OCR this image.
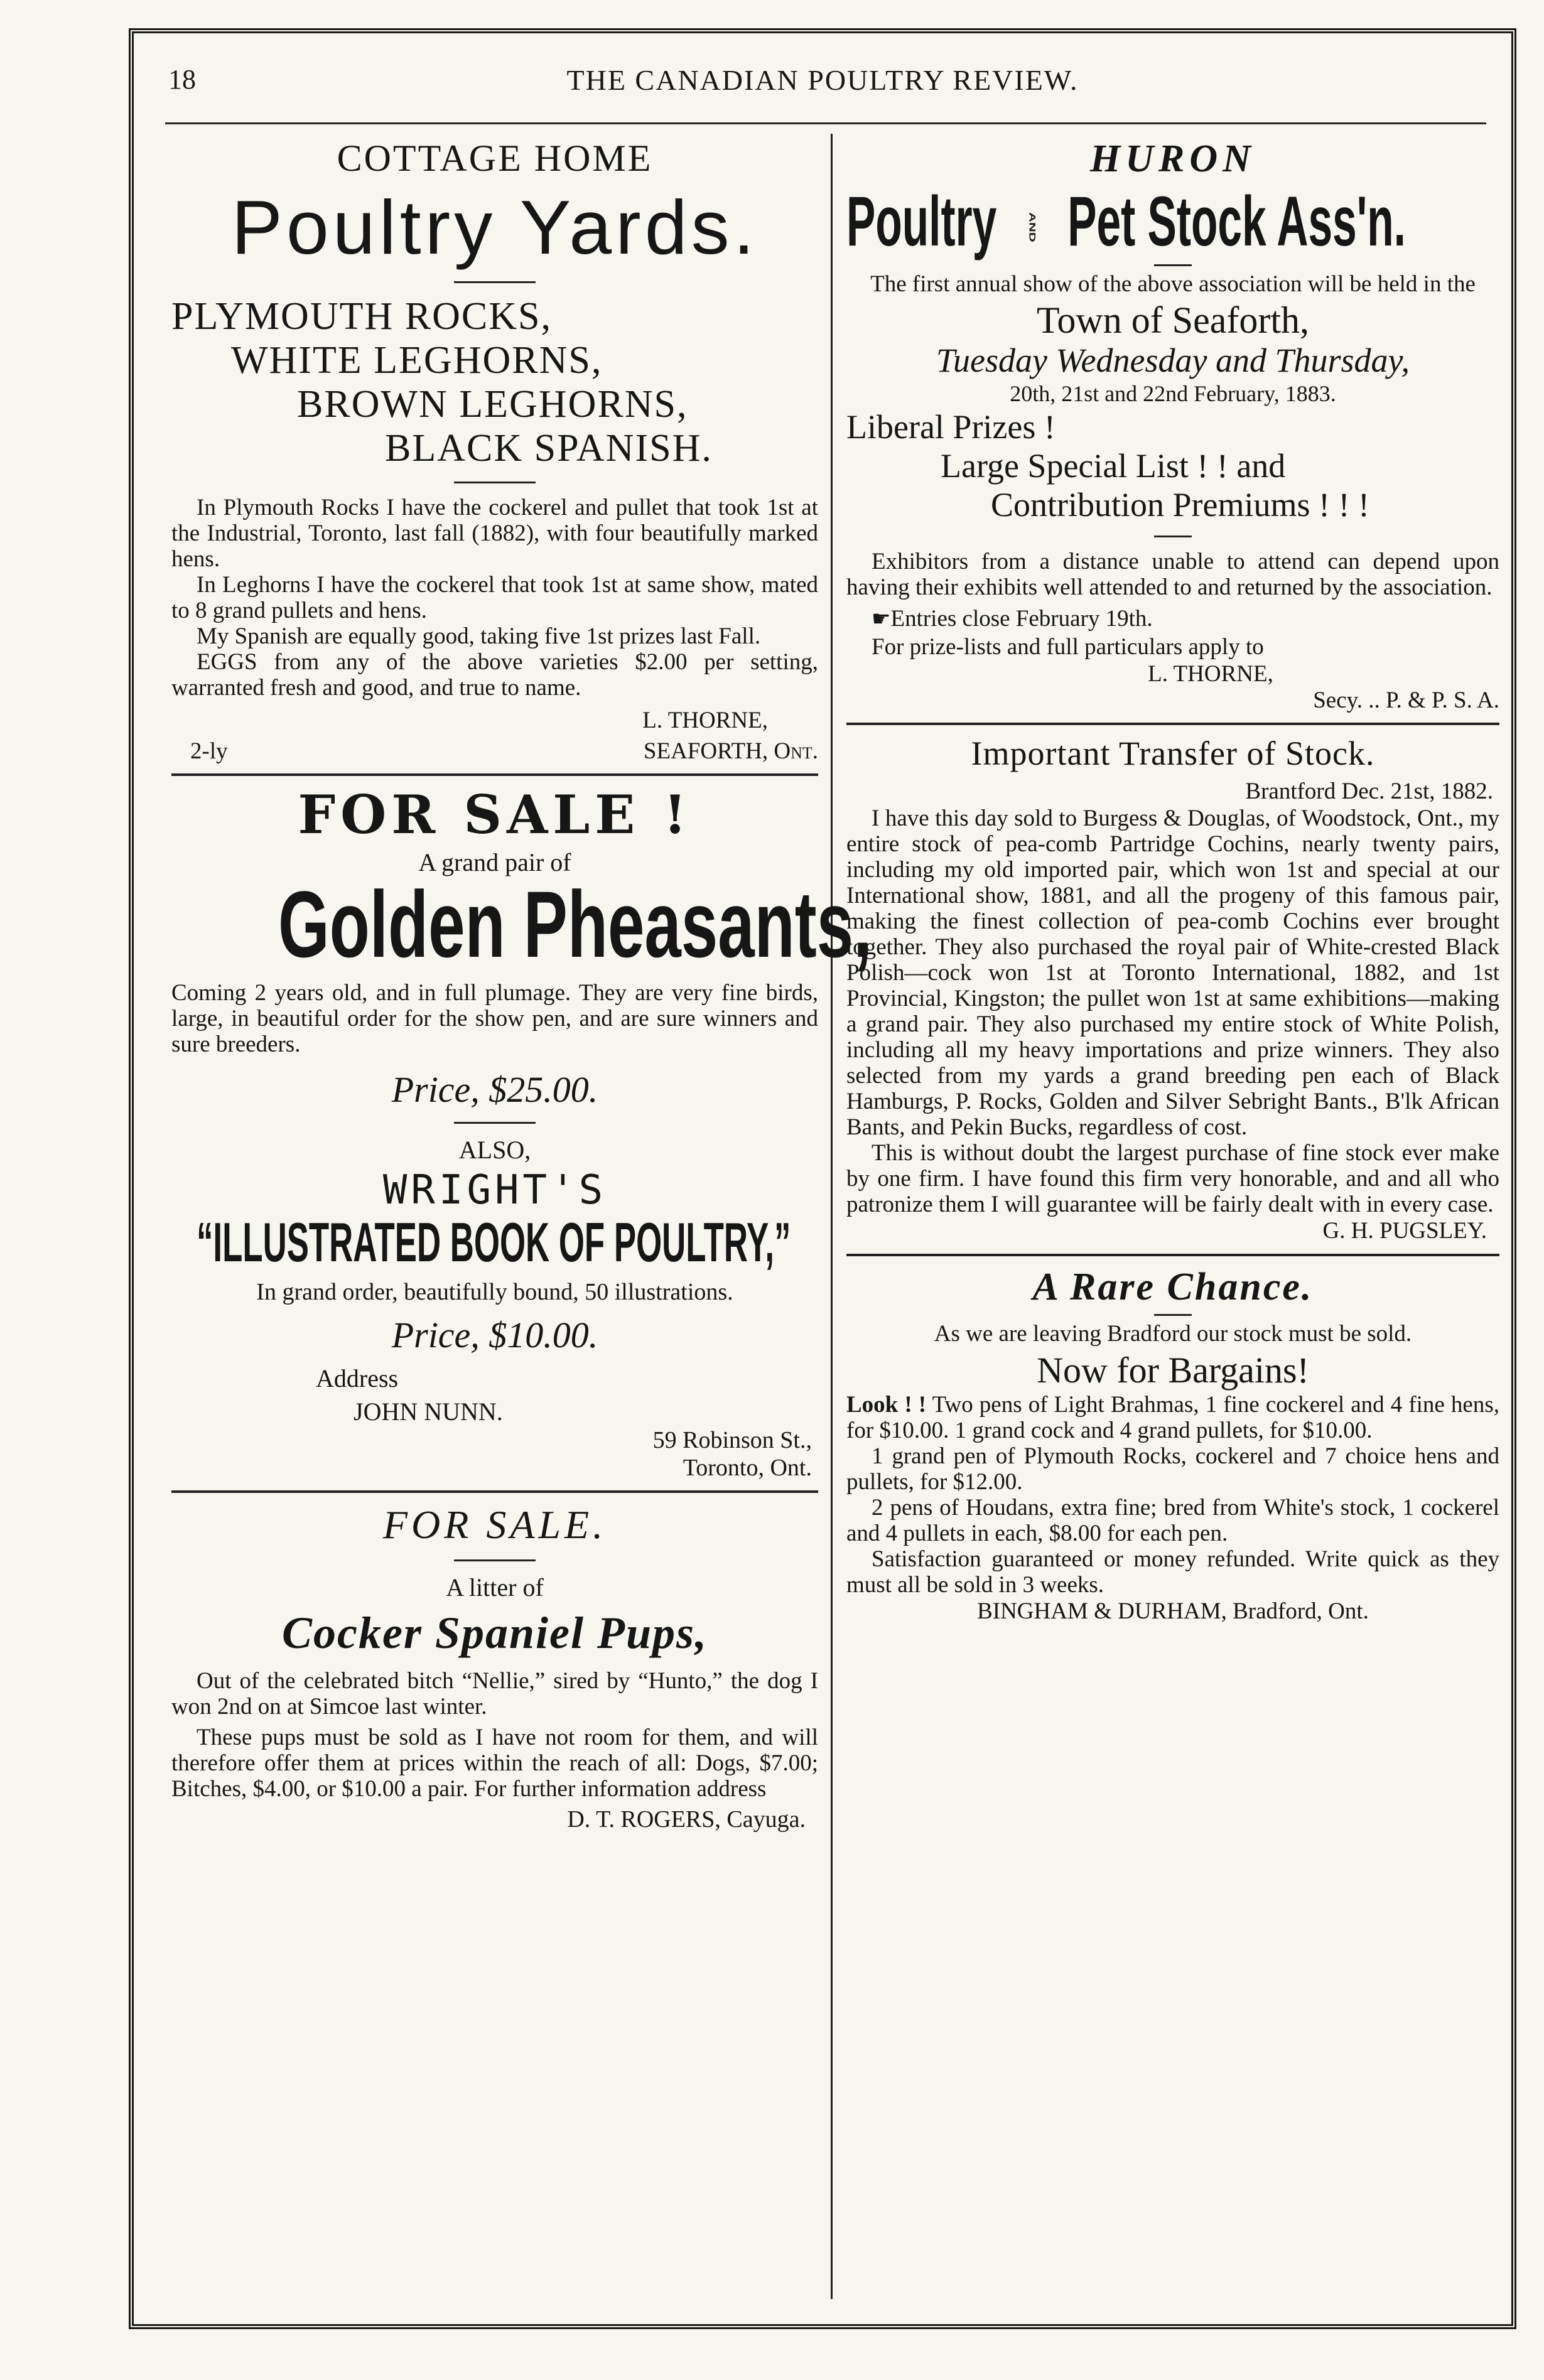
18	THE CANADIAN POULTRY REVIEW.

COTTAGE HOME

Poultry Yards.

PLYMOUTH ROCKS,

WHITE LEGHORNS,

BROWN LEGHORNS,

BLACK SPANISH.

In Plymouth Rocks I have the cockerel and pullet that took 1st at the Industrial, Toronto, last fall (1882), with four beautifully marked hens.

In Leghorns I have the cockerel that took 1st at same show, mated to 8 grand pullets and hens.

My Spanish are equally good, taking five 1st prizes last Fall.

EGGS from any of the above varieties $2.00 per setting, warranted fresh and good, and true to name.

L. THORNE,

2-ly	SEAFORTH, Ont.

FOR SALE !

A grand pair of

Golden Pheasants,

Coming 2 years old, and in full plumage. They are very fine birds, large, in beautiful order for the show pen, and are sure winners and sure breeders.

Price, $25.00.

ALSO,

WRIGHT'S

“ILLUSTRATED BOOK OF POULTRY,”

In grand order, beautifully bound, 50 illustrations.

Price, $10.00.

Address

JOHN NUNN.

59 Robinson St.,

Toronto, Ont.

FOR SALE.

A litter of

Cocker Spaniel Pups,

Out of the celebrated bitch “Nellie,” sired by “Hunto,” the dog I won 2nd on at Simcoe last winter.

These pups must be sold as I have not room for them, and will therefore offer them at prices within the reach of all: Dogs, $7.00; Bitches, $4.00, or $10.00 a pair. For further information address

D. T. ROGERS, Cayuga.

HURON

Poultry AND Pet Stock Ass'n.

The first annual show of the above association will be held in the

Town of Seaforth,

Tuesday Wednesday and Thursday,

20th, 21st and 22nd February, 1883.

Liberal Prizes !

Large Special List ! ! and

Contribution Premiums ! ! !

Exhibitors from a distance unable to attend can depend upon having their exhibits well attended to and returned by the association.

☛Entries close February 19th.

For prize-lists and full particulars apply to

L. THORNE,

Secy. .. P. & P. S. A.

Important Transfer of Stock.

Brantford Dec. 21st, 1882.

I have this day sold to Burgess & Douglas, of Woodstock, Ont., my entire stock of pea-comb Partridge Cochins, nearly twenty pairs, including my old imported pair, which won 1st and special at our International show, 1881, and all the progeny of this famous pair, making the finest collection of pea-comb Cochins ever brought together. They also purchased the royal pair of White-crested Black Polish—cock won 1st at Toronto International, 1882, and 1st Provincial, Kingston; the pullet won 1st at same exhibitions—making a grand pair. They also purchased my entire stock of White Polish, including all my heavy importations and prize winners. They also selected from my yards a grand breeding pen each of Black Hamburgs, P. Rocks, Golden and Silver Sebright Bants., B'lk African Bants, and Pekin Bucks, regardless of cost.

This is without doubt the largest purchase of fine stock ever make by one firm. I have found this firm very honorable, and and all who patronize them I will guarantee will be fairly dealt with in every case.

G. H. PUGSLEY.

A Rare Chance.

As we are leaving Bradford our stock must be sold.

Now for Bargains!

Look ! ! Two pens of Light Brahmas, 1 fine cockerel and 4 fine hens, for $10.00. 1 grand cock and 4 grand pullets, for $10.00.

1 grand pen of Plymouth Rocks, cockerel and 7 choice hens and pullets, for $12.00.

2 pens of Houdans, extra fine; bred from White's stock, 1 cockerel and 4 pullets in each, $8.00 for each pen.

Satisfaction guaranteed or money refunded. Write quick as they must all be sold in 3 weeks.

BINGHAM & DURHAM, Bradford, Ont.
